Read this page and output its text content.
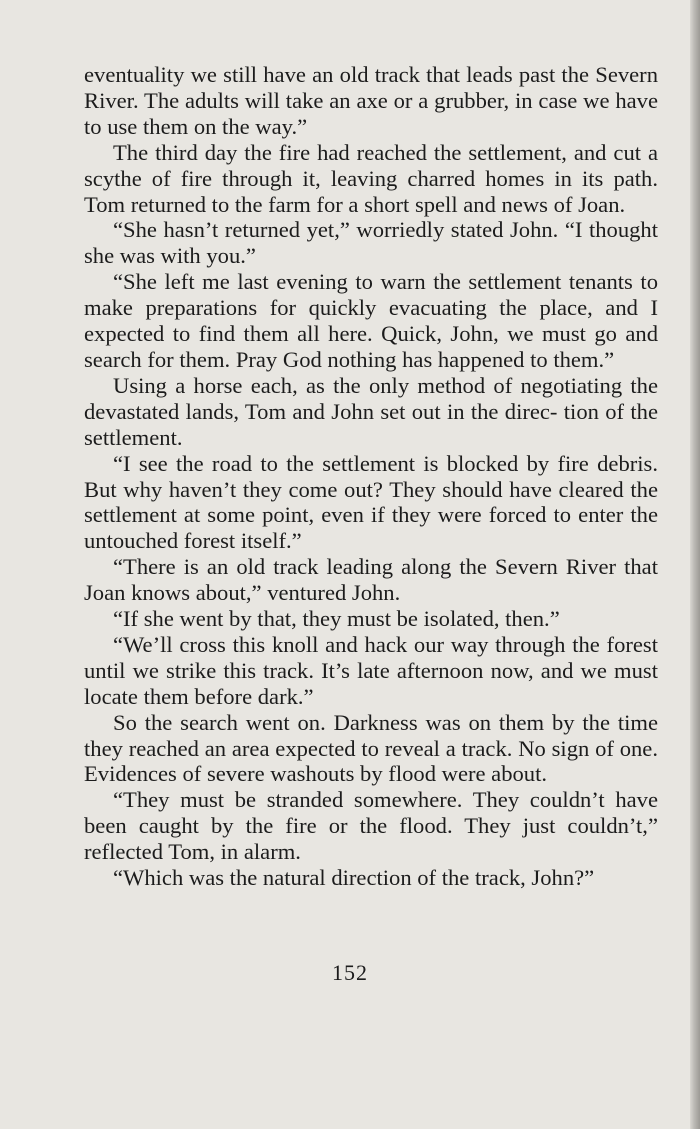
eventuality we still have an old track that leads past the Severn River. The adults will take an axe or a grubber, in case we have to use them on the way.”

The third day the fire had reached the settlement, and cut a scythe of fire through it, leaving charred homes in its path. Tom returned to the farm for a short spell and news of Joan.

“She hasn’t returned yet,” worriedly stated John. “I thought she was with you.”

“She left me last evening to warn the settlement tenants to make preparations for quickly evacuating the place, and I expected to find them all here. Quick, John, we must go and search for them. Pray God nothing has happened to them.”

Using a horse each, as the only method of negotiating the devastated lands, Tom and John set out in the direc- tion of the settlement.

“I see the road to the settlement is blocked by fire debris. But why haven’t they come out? They should have cleared the settlement at some point, even if they were forced to enter the untouched forest itself.”

“There is an old track leading along the Severn River that Joan knows about,” ventured John.

“If she went by that, they must be isolated, then.”

“We’ll cross this knoll and hack our way through the forest until we strike this track. It’s late afternoon now, and we must locate them before dark.”

So the search went on. Darkness was on them by the time they reached an area expected to reveal a track. No sign of one. Evidences of severe washouts by flood were about.

“They must be stranded somewhere. They couldn’t have been caught by the fire or the flood. They just couldn’t,” reflected Tom, in alarm.

“Which was the natural direction of the track, John?”

152
